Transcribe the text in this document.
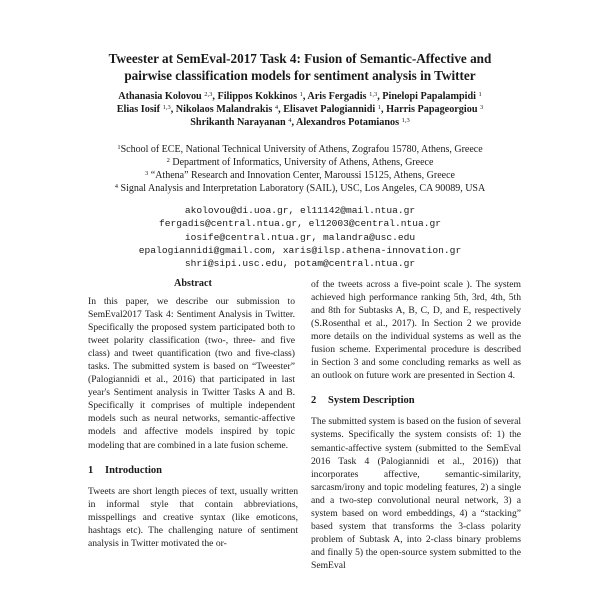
Tweester at SemEval-2017 Task 4: Fusion of Semantic-Affective and
pairwise classification models for sentiment analysis in Twitter
Athanasia Kolovou $^{2,3}$, Filippos Kokkinos $^1$, Aris Fergadis $^{1,3}$, Pinelopi Papalampidi $^1$
Elias Iosif $^{1,3}$, Nikolaos Malandrakis $^4$, Elisavet Palogiannidi $^1$, Harris Papageorgiou $^3$
Shrikanth Narayanan $^4$, Alexandros Potamianos $^{1,3}$
$^1$School of ECE, National Technical University of Athens, Zografou 15780, Athens, Greece
$^2$ Department of Informatics, University of Athens, Athens, Greece
$^3$ “Athena” Research and Innovation Center, Maroussi 15125, Athens, Greece
$^4$ Signal Analysis and Interpretation Laboratory (SAIL), USC, Los Angeles, CA 90089, USA
akolovou@di.uoa.gr, el11142@mail.ntua.gr
fergadis@central.ntua.gr, el12003@central.ntua.gr
iosife@central.ntua.gr, malandra@usc.edu
epalogiannidi@gmail.com, xaris@ilsp.athena-innovation.gr
shri@sipi.usc.edu, potam@central.ntua.gr
Abstract

In this paper, we describe our submission to SemEval2017 Task 4: Sentiment Analysis in Twitter. Specifically the proposed system participated both to tweet polarity classification (two-, three- and five class) and tweet quantification (two and five-class) tasks. The submitted system is based on “Tweester” (Palogiannidi et al., 2016) that participated in last year's Sentiment analysis in Twitter Tasks A and B. Specifically it comprises of multiple independent models such as neural networks, semantic-affective models and affective models inspired by topic modeling that are combined in a late fusion scheme.

1 Introduction

Tweets are short length pieces of text, usually written in informal style that contain abbreviations, misspellings and creative syntax (like emoticons, hashtags etc). The challenging nature of sentiment analysis in Twitter motivated the or-

of the tweets across a five-point scale ). The system achieved high performance ranking 5th, 3rd, 4th, 5th and 8th for Subtasks A, B, C, D, and E, respectively (S.Rosenthal et al., 2017). In Section 2 we provide more details on the individual systems as well as the fusion scheme. Experimental procedure is described in Section 3 and some concluding remarks as well as an outlook on future work are presented in Section 4.

2 System Description

The submitted system is based on the fusion of several systems. Specifically the system consists of: 1) the semantic-affective system (submitted to the SemEval 2016 Task 4 (Palogiannidi et al., 2016)) that incorporates affective, semantic-similarity, sarcasm/irony and topic modeling features, 2) a single and a two-step convolutional neural network, 3) a system based on word embeddings, 4) a “stacking” based system that transforms the 3-class polarity problem of Subtask A, into 2-class binary problems and finally 5) the open-source system submitted to the SemEval
